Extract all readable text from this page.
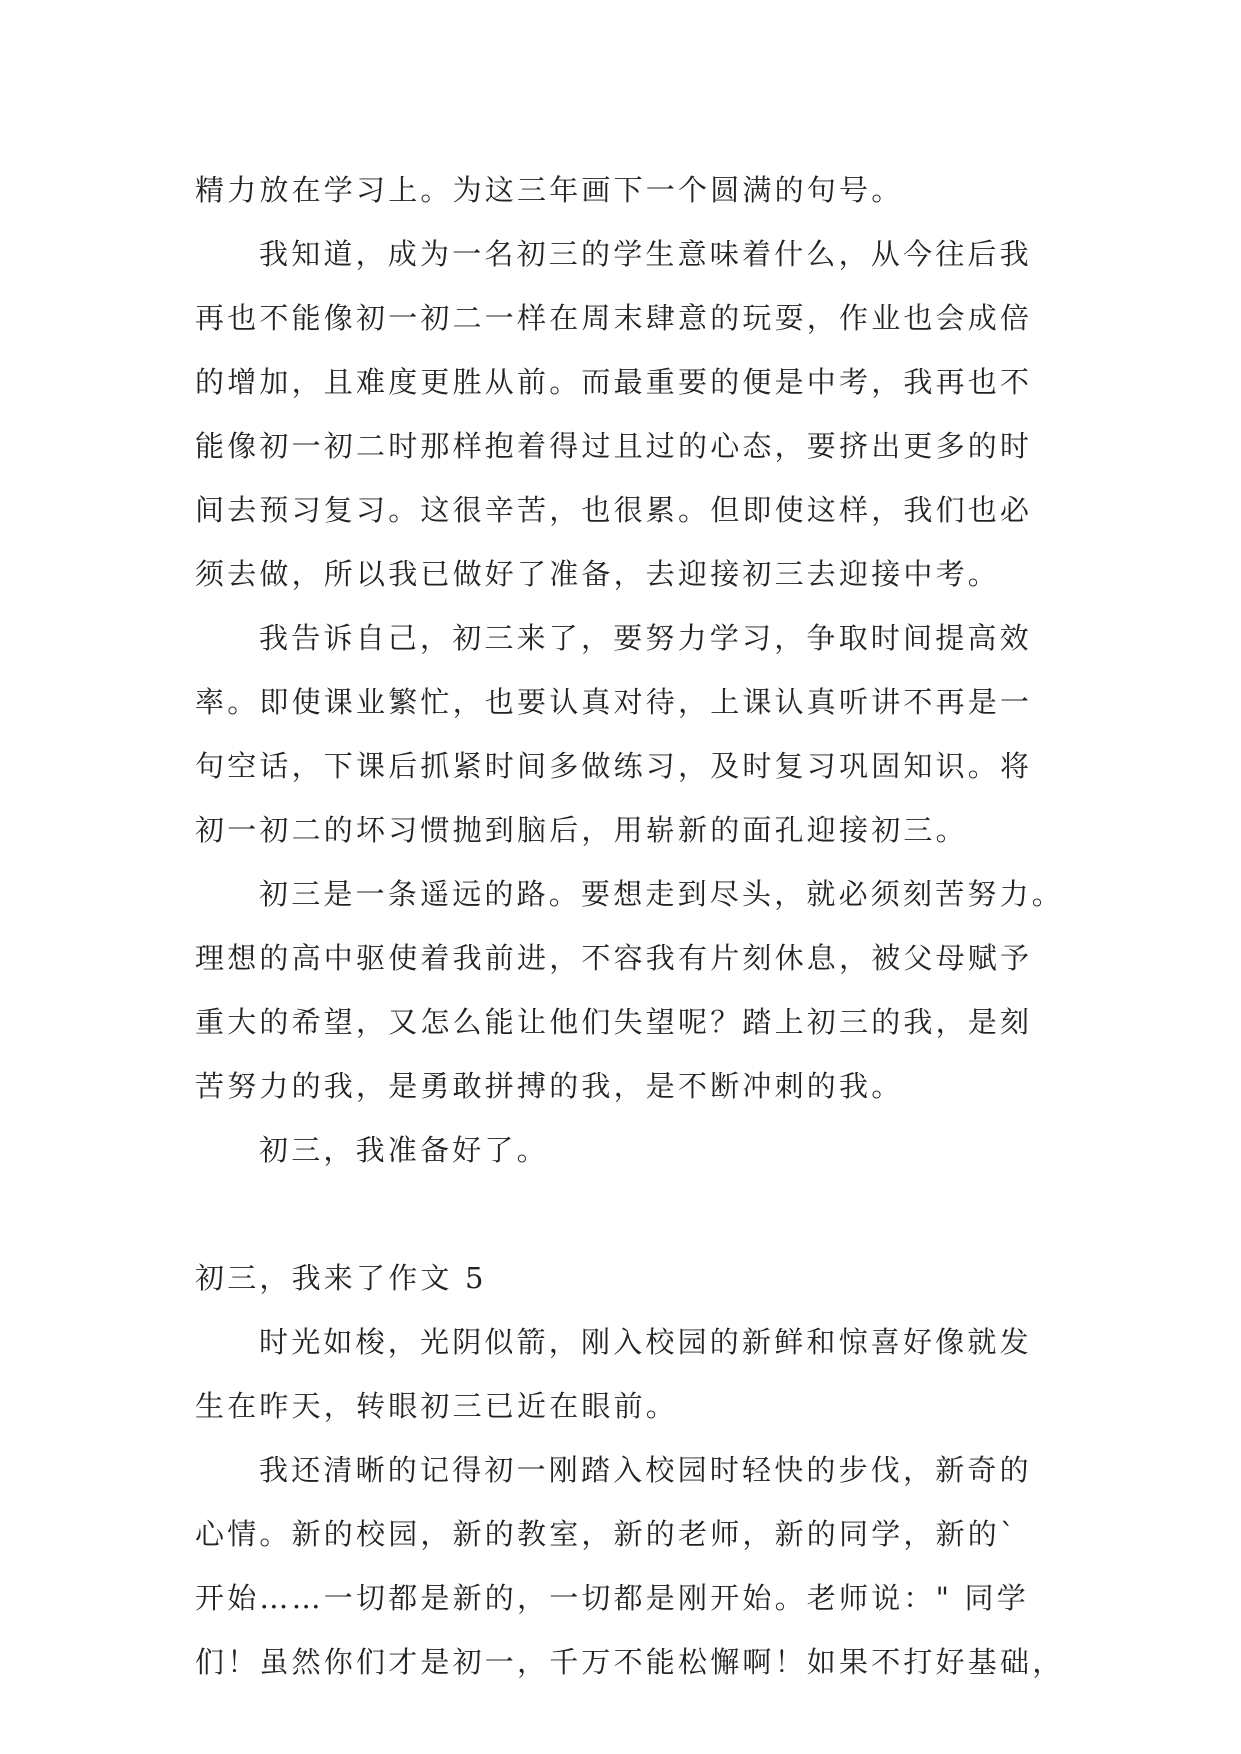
精力放在学习上。为这三年画下一个圆满的句号。
我知道，成为一名初三的学生意味着什么，从今往后我
再也不能像初一初二一样在周末肆意的玩耍，作业也会成倍
的增加，且难度更胜从前。而最重要的便是中考，我再也不
能像初一初二时那样抱着得过且过的心态，要挤出更多的时
间去预习复习。这很辛苦，也很累。但即使这样，我们也必
须去做，所以我已做好了准备，去迎接初三去迎接中考。
我告诉自己，初三来了，要努力学习，争取时间提高效
率。即使课业繁忙，也要认真对待，上课认真听讲不再是一
句空话，下课后抓紧时间多做练习，及时复习巩固知识。将
初一初二的坏习惯抛到脑后，用崭新的面孔迎接初三。
初三是一条遥远的路。要想走到尽头，就必须刻苦努力。
理想的高中驱使着我前进，不容我有片刻休息，被父母赋予
重大的希望，又怎么能让他们失望呢？踏上初三的我，是刻
苦努力的我，是勇敢拼搏的我，是不断冲刺的我。
初三，我准备好了。
初三，我来了作文 5
时光如梭，光阴似箭，刚入校园的新鲜和惊喜好像就发
生在昨天，转眼初三已近在眼前。
我还清晰的记得初一刚踏入校园时轻快的步伐，新奇的
心情。新的校园，新的教室，新的老师，新的同学，新的`
开始……一切都是新的，一切都是刚开始。老师说：" 同学
们！虽然你们才是初一，千万不能松懈啊！如果不打好基础，
